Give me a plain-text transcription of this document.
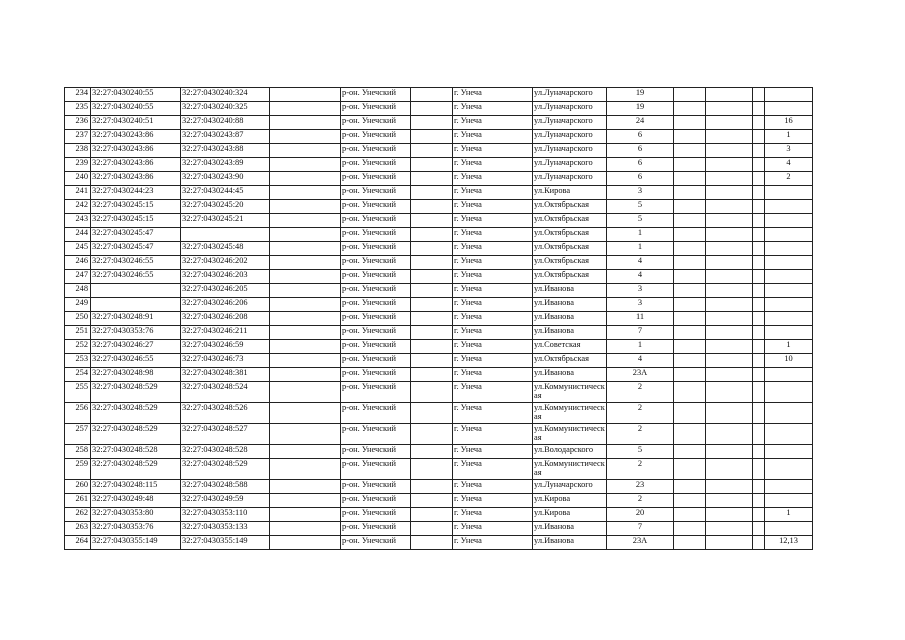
234	32:27:0430240:55	32:27:0430240:324		р-он. Унечский		г. Унеча	ул.Луначарского	19				
235	32:27:0430240:55	32:27:0430240:325		р-он. Унечский		г. Унеча	ул.Луначарского	19				
236	32:27:0430240:51	32:27:0430240:88		р-он. Унечский		г. Унеча	ул.Луначарского	24				16
237	32:27:0430243:86	32:27:0430243:87		р-он. Унечский		г. Унеча	ул.Луначарского	6				1
238	32:27:0430243:86	32:27:0430243:88		р-он. Унечский		г. Унеча	ул.Луначарского	6				3
239	32:27:0430243:86	32:27:0430243:89		р-он. Унечский		г. Унеча	ул.Луначарского	6				4
240	32:27:0430243:86	32:27:0430243:90		р-он. Унечский		г. Унеча	ул.Луначарского	6				2
241	32:27:0430244:23	32:27:0430244:45		р-он. Унечский		г. Унеча	ул.Кирова	3				
242	32:27:0430245:15	32:27:0430245:20		р-он. Унечский		г. Унеча	ул.Октябрьская	5				
243	32:27:0430245:15	32:27:0430245:21		р-он. Унечский		г. Унеча	ул.Октябрьская	5				
244	32:27:0430245:47			р-он. Унечский		г. Унеча	ул.Октябрьская	1				
245	32:27:0430245:47	32:27:0430245:48		р-он. Унечский		г. Унеча	ул.Октябрьская	1				
246	32:27:0430246:55	32:27:0430246:202		р-он. Унечский		г. Унеча	ул.Октябрьская	4				
247	32:27:0430246:55	32:27:0430246:203		р-он. Унечский		г. Унеча	ул.Октябрьская	4				
248		32:27:0430246:205		р-он. Унечский		г. Унеча	ул.Иванова	3				
249		32:27:0430246:206		р-он. Унечский		г. Унеча	ул.Иванова	3				
250	32:27:0430248:91	32:27:0430246:208		р-он. Унечский		г. Унеча	ул.Иванова	11				
251	32:27:0430353:76	32:27:0430246:211		р-он. Унечский		г. Унеча	ул.Иванова	7				
252	32:27:0430246:27	32:27:0430246:59		р-он. Унечский		г. Унеча	ул.Советская	1				1
253	32:27:0430246:55	32:27:0430246:73		р-он. Унечский		г. Унеча	ул.Октябрьская	4				10
254	32:27:0430248:98	32:27:0430248:381		р-он. Унечский		г. Унеча	ул.Иванова	23А				
255	32:27:0430248:529	32:27:0430248:524		р-он. Унечский		г. Унеча	ул.Коммунистическая	2				
256	32:27:0430248:529	32:27:0430248:526		р-он. Унечский		г. Унеча	ул.Коммунистическая	2				
257	32:27:0430248:529	32:27:0430248:527		р-он. Унечский		г. Унеча	ул.Коммунистическая	2				
258	32:27:0430248:528	32:27:0430248:528		р-он. Унечский		г. Унеча	ул.Володарского	5				
259	32:27:0430248:529	32:27:0430248:529		р-он. Унечский		г. Унеча	ул.Коммунистическая	2				
260	32:27:0430248:115	32:27:0430248:588		р-он. Унечский		г. Унеча	ул.Луначарского	23				
261	32:27:0430249:48	32:27:0430249:59		р-он. Унечский		г. Унеча	ул.Кирова	2				
262	32:27:0430353:80	32:27:0430353:110		р-он. Унечский		г. Унеча	ул.Кирова	20				1
263	32:27:0430353:76	32:27:0430353:133		р-он. Унечский		г. Унеча	ул.Иванова	7				
264	32:27:0430355:149	32:27:0430355:149		р-он. Унечский		г. Унеча	ул.Иванова	23А				12,13
